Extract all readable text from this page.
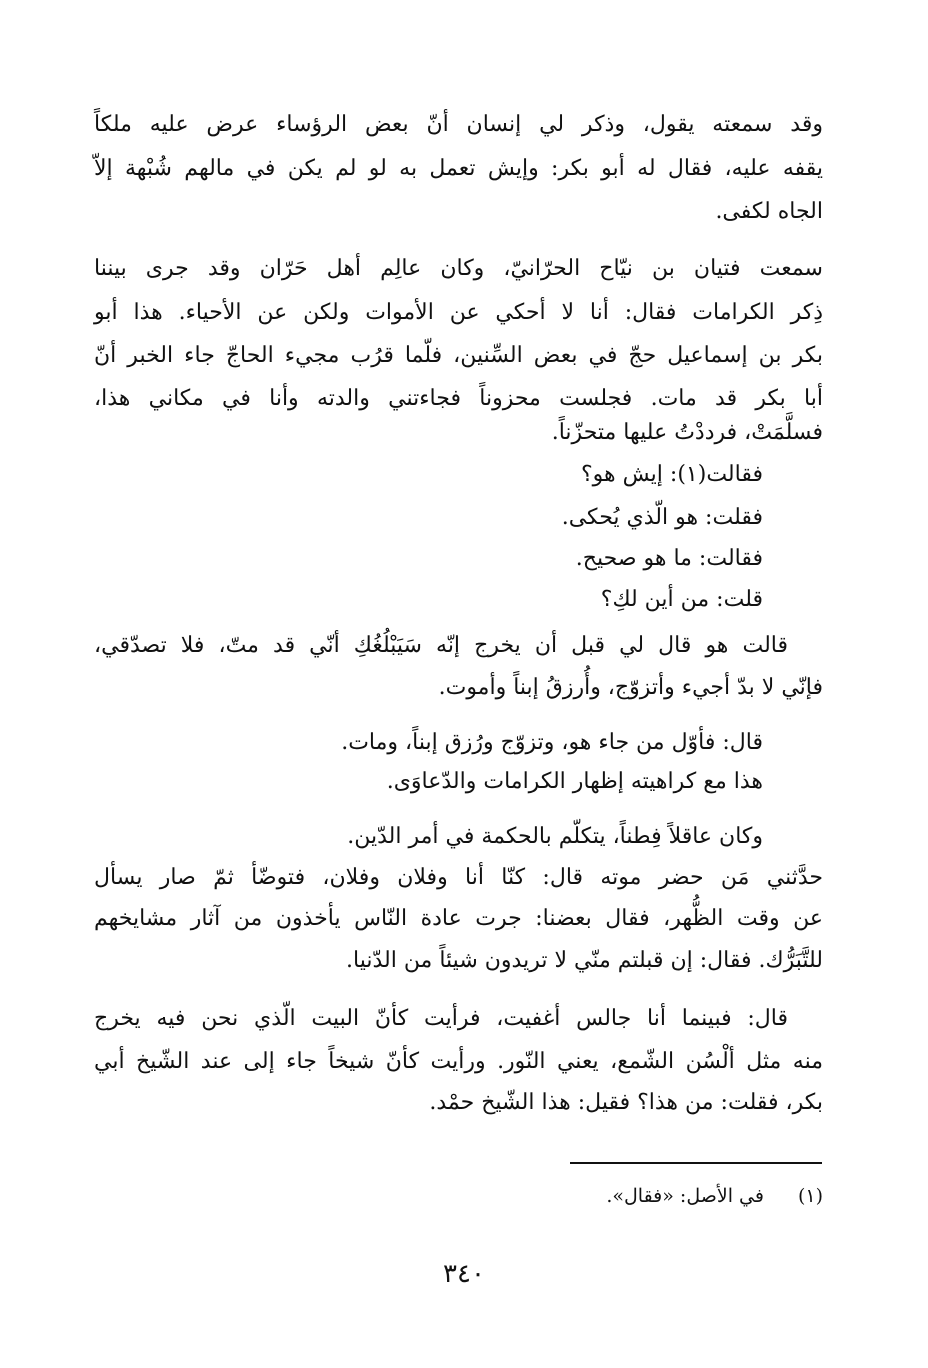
وقد سمعته يقول، وذكر لي إنسان أنّ بعض الرؤساء عرض عليه ملكاً
يقفه عليه، فقال له أبو بكر: وإيش تعمل به لو لم يكن في مالهم شُبْهة إلاّ
الجاه لكفى.
سمعت فتيان بن نيّاح الحرّانيّ، وكان عالِم أهل حَرّان وقد جرى بيننا
ذِكر الكرامات فقال: أنا لا أحكي عن الأموات ولكن عن الأحياء. هذا أبو
بكر بن إسماعيل حجّ في بعض السِّنين، فلّما قرُب مجيء الحاجّ جاء الخبر أنّ
أبا بكر قد مات. فجلست محزوناً فجاءتني والدته وأنا في مكاني هذا،
فسلَّمَتْ، فرددْتُ عليها متحزّناً.
فقالت(١): إيش هو؟
فقلت: هو الّذي يُحكى.
فقالت: ما هو صحيح.
قلت: من أين لكِ؟
قالت هو قال لي قبل أن يخرج إنّه سَيَبْلُغُكِ أنّي قد متّ، فلا تصدّقي،
فإنّي لا بدّ أجيء وأتزوّج، وأُرزقُ إبناً وأموت.
قال: فأوّل من جاء هو، وتزوّج ورُزق إبناً، ومات.
هذا مع كراهيته إظهار الكرامات والدّعاوَى.
وكان عاقلاً فِطناً، يتكلّم بالحكمة في أمر الدّين.
حدَّثني مَن حضر موته قال: كنّا أنا وفلان وفلان، فتوضّأ ثمّ صار يسأل
عن وقت الظُّهر، فقال بعضنا: جرت عادة النّاس يأخذون من آثار مشايخهم
للتَّبَرُّك. فقال: إن قبلتم منّي لا تريدون شيئاً من الدّنيا.
قال: فبينما أنا جالس أغفيت، فرأيت كأنّ البيت الّذي نحن فيه يخرج
منه مثل ألْسُن الشّمع، يعني النّور. ورأيت كأنّ شيخاً جاء إلى عند الشّيخ أبي
بكر، فقلت: من هذا؟ فقيل: هذا الشّيخ حمْد.
(١)في الأصل: «فقال».
٣٤٠
